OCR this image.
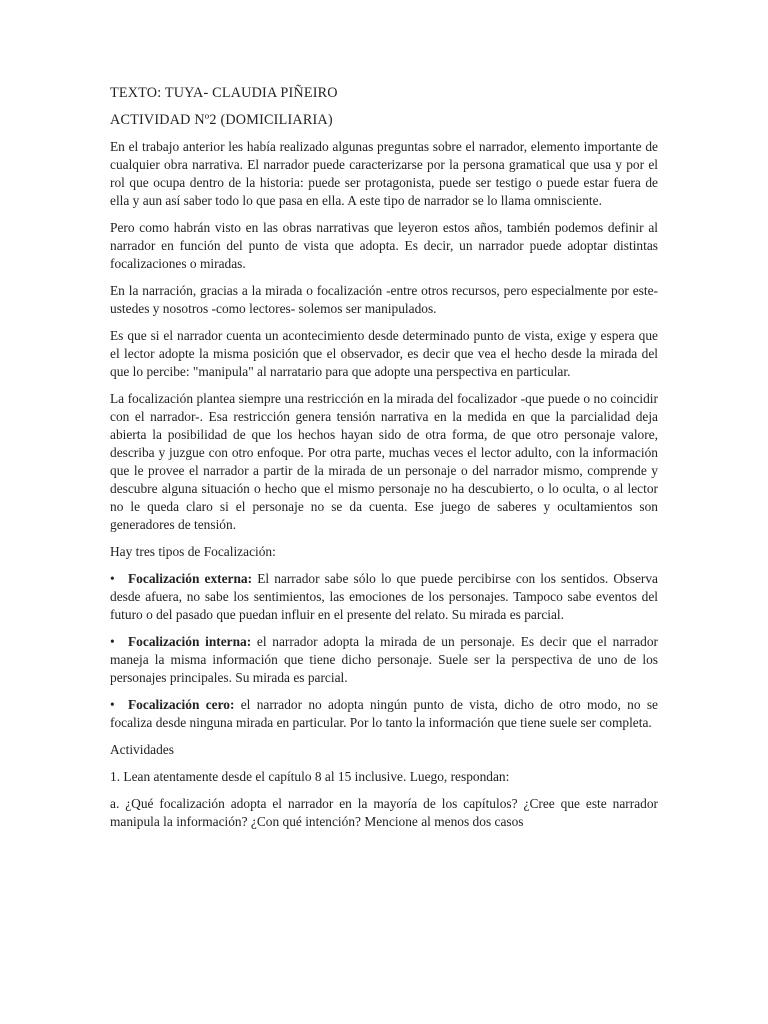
TEXTO: TUYA- CLAUDIA PIÑEIRO
ACTIVIDAD Nº2 (DOMICILIARIA)

En el trabajo anterior les había realizado algunas preguntas sobre el narrador, elemento importante de cualquier obra narrativa. El narrador puede caracterizarse por la persona gramatical que usa y por el rol que ocupa dentro de la historia: puede ser protagonista, puede ser testigo o puede estar fuera de ella y aun así saber todo lo que pasa en ella. A este tipo de narrador se lo llama omnisciente.

Pero como habrán visto en las obras narrativas que leyeron estos años, también podemos definir al narrador en función del punto de vista que adopta. Es decir, un narrador puede adoptar distintas focalizaciones o miradas.

En la narración, gracias a la mirada o focalización -entre otros recursos, pero especialmente por este- ustedes y nosotros -como lectores- solemos ser manipulados.

Es que si el narrador cuenta un acontecimiento desde determinado punto de vista, exige y espera que el lector adopte la misma posición que el observador, es decir que vea el hecho desde la mirada del que lo percibe: "manipula" al narratario para que adopte una perspectiva en particular.

La focalización plantea siempre una restricción en la mirada del focalizador -que puede o no coincidir con el narrador-. Esa restricción genera tensión narrativa en la medida en que la parcialidad deja abierta la posibilidad de que los hechos hayan sido de otra forma, de que otro personaje valore, describa y juzgue con otro enfoque. Por otra parte, muchas veces el lector adulto, con la información que le provee el narrador a partir de la mirada de un personaje o del narrador mismo, comprende y descubre alguna situación o hecho que el mismo personaje no ha descubierto, o lo oculta, o al lector no le queda claro si el personaje no se da cuenta. Ese juego de saberes y ocultamientos son generadores de tensión.

Hay tres tipos de Focalización:

• Focalización externa: El narrador sabe sólo lo que puede percibirse con los sentidos. Observa desde afuera, no sabe los sentimientos, las emociones de los personajes. Tampoco sabe eventos del futuro o del pasado que puedan influir en el presente del relato. Su mirada es parcial.

• Focalización interna: el narrador adopta la mirada de un personaje. Es decir que el narrador maneja la misma información que tiene dicho personaje. Suele ser la perspectiva de uno de los personajes principales. Su mirada es parcial.

• Focalización cero: el narrador no adopta ningún punto de vista, dicho de otro modo, no se focaliza desde ninguna mirada en particular. Por lo tanto la información que tiene suele ser completa.

Actividades

1. Lean atentamente desde el capítulo 8 al 15 inclusive. Luego, respondan:

a. ¿Qué focalización adopta el narrador en la mayoría de los capítulos? ¿Cree que este narrador manipula la información? ¿Con qué intención? Mencione al menos dos casos
